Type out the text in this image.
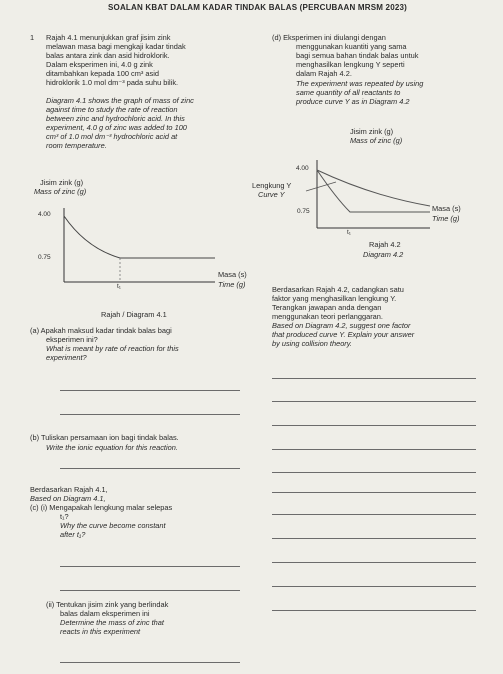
SOALAN KBAT DALAM KADAR TINDAK BALAS (PERCUBAAN MRSM 2023)
1 Rajah 4.1 menunjukkan graf jisim zink
melawan masa bagi mengkaji kadar tindak
balas antara zink dan asid hidroklorik.
Dalam eksperimen ini, 4.0 g zink
ditambahkan kepada 100 cm³ asid
hidroklorik 1.0 mol dm⁻³ pada suhu bilik.
Diagram 4.1 shows the graph of mass of zinc
against time to study the rate of reaction
between zinc and hydrochloric acid. In this
experiment, 4.0 g of zinc was added to 100
cm³ of 1.0 mol dm⁻³ hydrochloric acid at
room temperature.
Jisim zink (g)
Mass of zinc (g)
4.00
0.75
t₁
Masa (s)
Time (g)
Rajah / Diagram 4.1
(a) Apakah maksud kadar tindak balas bagi
eksperimen ini?
What is meant by rate of reaction for this
experiment?
(b) Tuliskan persamaan ion bagi tindak balas.
Write the ionic equation for this reaction.
Berdasarkan Rajah 4.1,
Based on Diagram 4.1,
(c) (i) Mengapakah lengkung malar selepas
t₁?
Why the curve become constant
after t₁?
(ii) Tentukan jisim zink yang berlindak
balas dalam eksperimen ini
Determine the mass of zinc that
reacts in this experiment
(d) Eksperimen ini diulangi dengan
menggunakan kuantiti yang sama
bagi semua bahan tindak balas untuk
menghasilkan lengkung Y seperti
dalam Rajah 4.2.
The experiment was repeated by using
same quantity of all reactants to
produce curve Y as in Diagram 4.2
Jisim zink (g)
Mass of zinc (g)
4.00
0.75
t₁
Lengkung Y
Curve Y
Masa (s)
Time (g)
Rajah 4.2
Diagram 4.2
Berdasarkan Rajah 4.2, cadangkan satu
faktor yang menghasilkan lengkung Y.
Terangkan jawapan anda dengan
menggunakan teori perlanggaran.
Based on Diagram 4.2, suggest one factor
that produced curve Y. Explain your answer
by using collision theory.
